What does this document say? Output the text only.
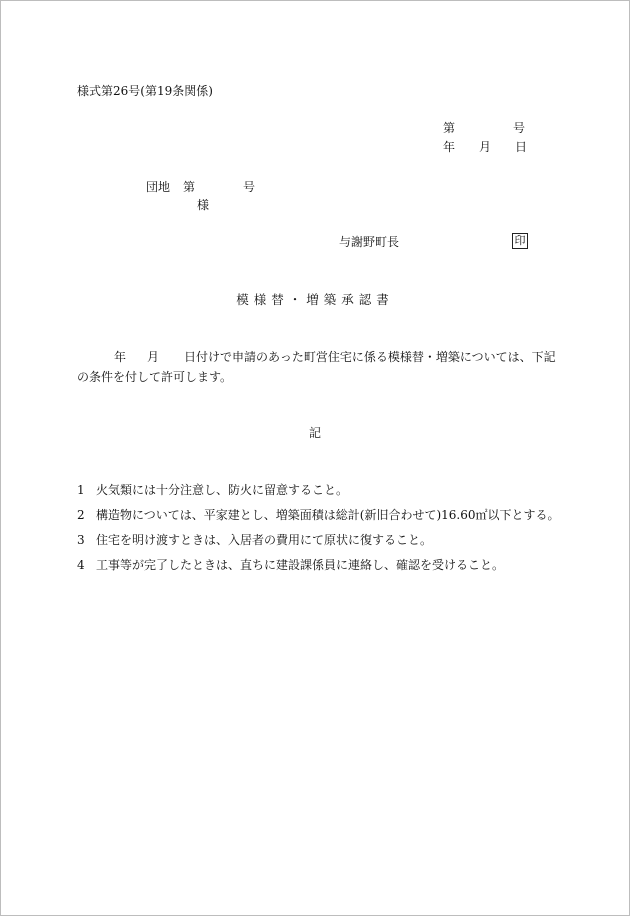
様式第26号(第19条関係)
第	号
年 月 日
団地 第	号
様
与謝野町長	印
模様替・増築承認書
年 月 日付けで申請のあった町営住宅に係る模様替・増築については、下記
の条件を付して許可します。
記
1 火気類には十分注意し、防火に留意すること。
2 構造物については、平家建とし、増築面積は総計(新旧合わせて)16.60㎡以下とする。
3 住宅を明け渡すときは、入居者の費用にて原状に復すること。
4 工事等が完了したときは、直ちに建設課係員に連絡し、確認を受けること。
